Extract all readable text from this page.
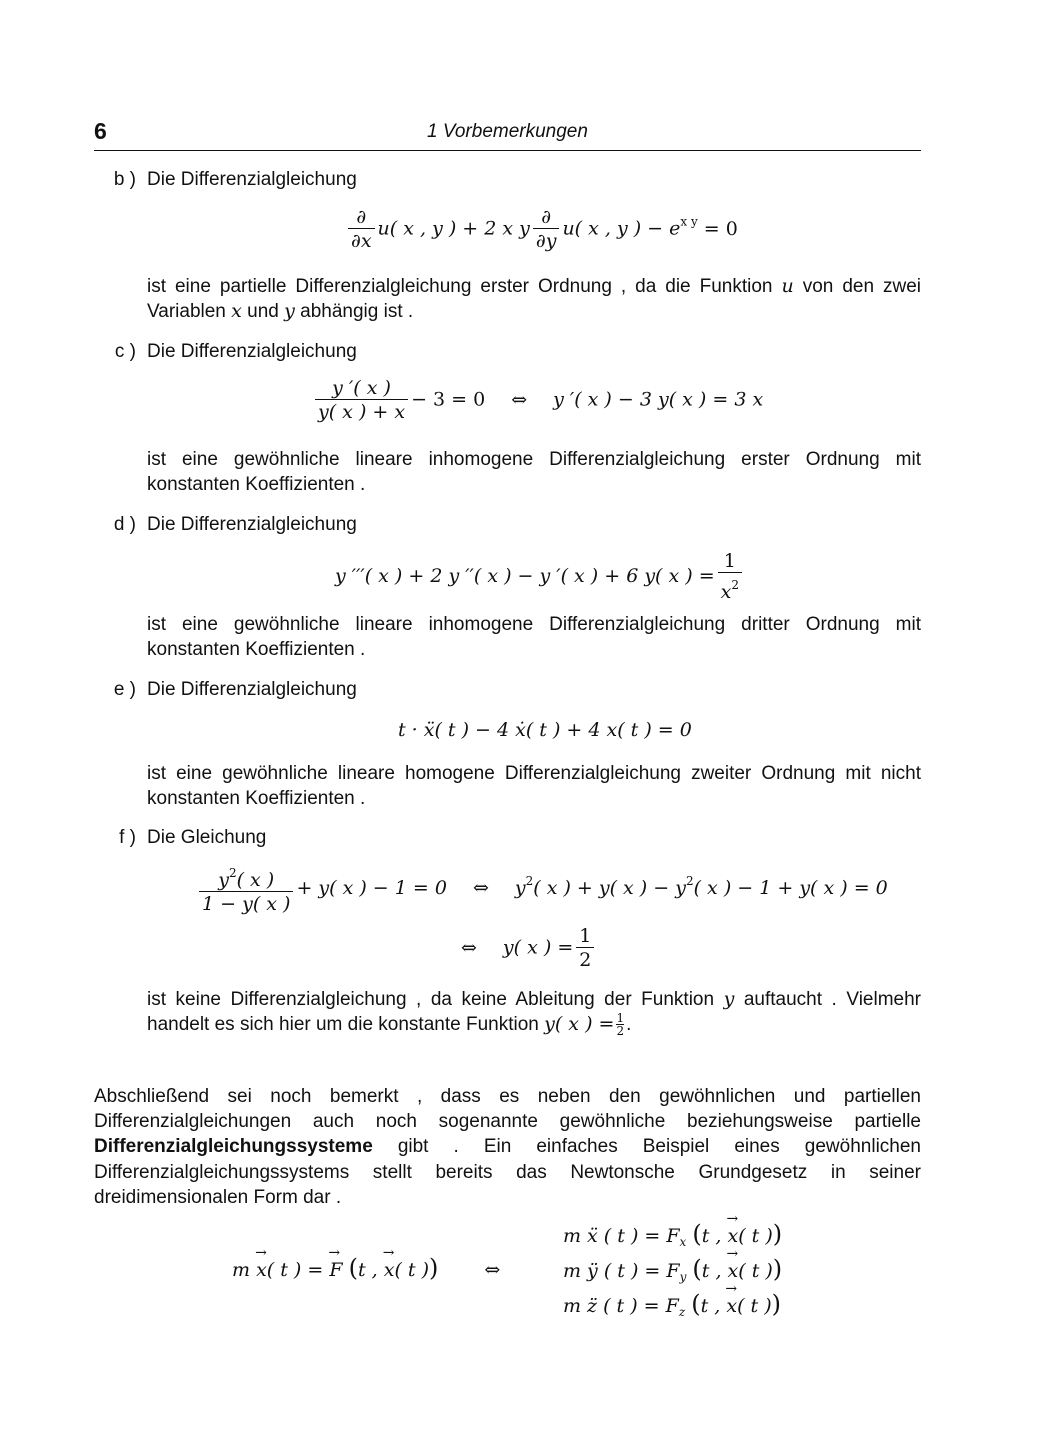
6	1 Vorbemerkungen
b ) Die Differenzialgleichung
$\frac{\partial}{\partial x} u$( x , y ) + 2 x y $\frac{\partial}{\partial y} u$( x , y ) − $e^{x y} = 0$
ist eine partielle Differenzialgleichung erster Ordnung , da die Funktion u von den zwei Variablen x und y abhängig ist .
c ) Die Differenzialgleichung
$\frac{y '( x )}{y( x ) + x} - 3 = 0$ ⇔ y ′( x ) − 3 y( x ) = 3 x
ist eine gewöhnliche lineare inhomogene Differenzialgleichung erster Ordnung mit konstanten Koeffizienten .
d ) Die Differenzialgleichung
y ′′′( x ) + 2 y ′′( x ) − y ′( x ) + 6 y( x ) = $\frac{1}{x^2}$
ist eine gewöhnliche lineare inhomogene Differenzialgleichung dritter Ordnung mit konstanten Koeffizienten .
e ) Die Differenzialgleichung
t · ẍ( t ) − 4 ẋ( t ) + 4 x( t ) = 0
ist eine gewöhnliche lineare homogene Differenzialgleichung zweiter Ordnung mit nicht konstanten Koeffizienten .
f ) Die Gleichung
$\frac{y^2( x )}{1 - y( x )} + y$( x ) − 1 = 0 ⇔ $y^2$( x ) + y( x ) − $y^2$( x ) − 1 + y( x ) = 0
⇔ y( x ) = $\frac{1}{2}$
ist keine Differenzialgleichung , da keine Ableitung der Funktion y auftaucht . Vielmehr handelt es sich hier um die konstante Funktion y( x ) = $\frac{1}{2}$ .
Abschließend sei noch bemerkt , dass es neben den gewöhnlichen und partiellen Differenzialgleichungen auch noch sogenannte gewöhnliche beziehungsweise partielle Differenzialgleichungssysteme gibt . Ein einfaches Beispiel eines gewöhnlichen Differenzialgleichungssystems stellt bereits das Newtonsche Grundgesetz in seiner dreidimensionalen Form dar .
m x →( t ) = F → (t , x →( t )) ⇔
m ẍ ( t ) = $F_x$ (t , x →( t ))
m ÿ ( t ) = $F_y$ (t , x →( t ))
m z̈ ( t ) = $F_z$ (t , x →( t ))
